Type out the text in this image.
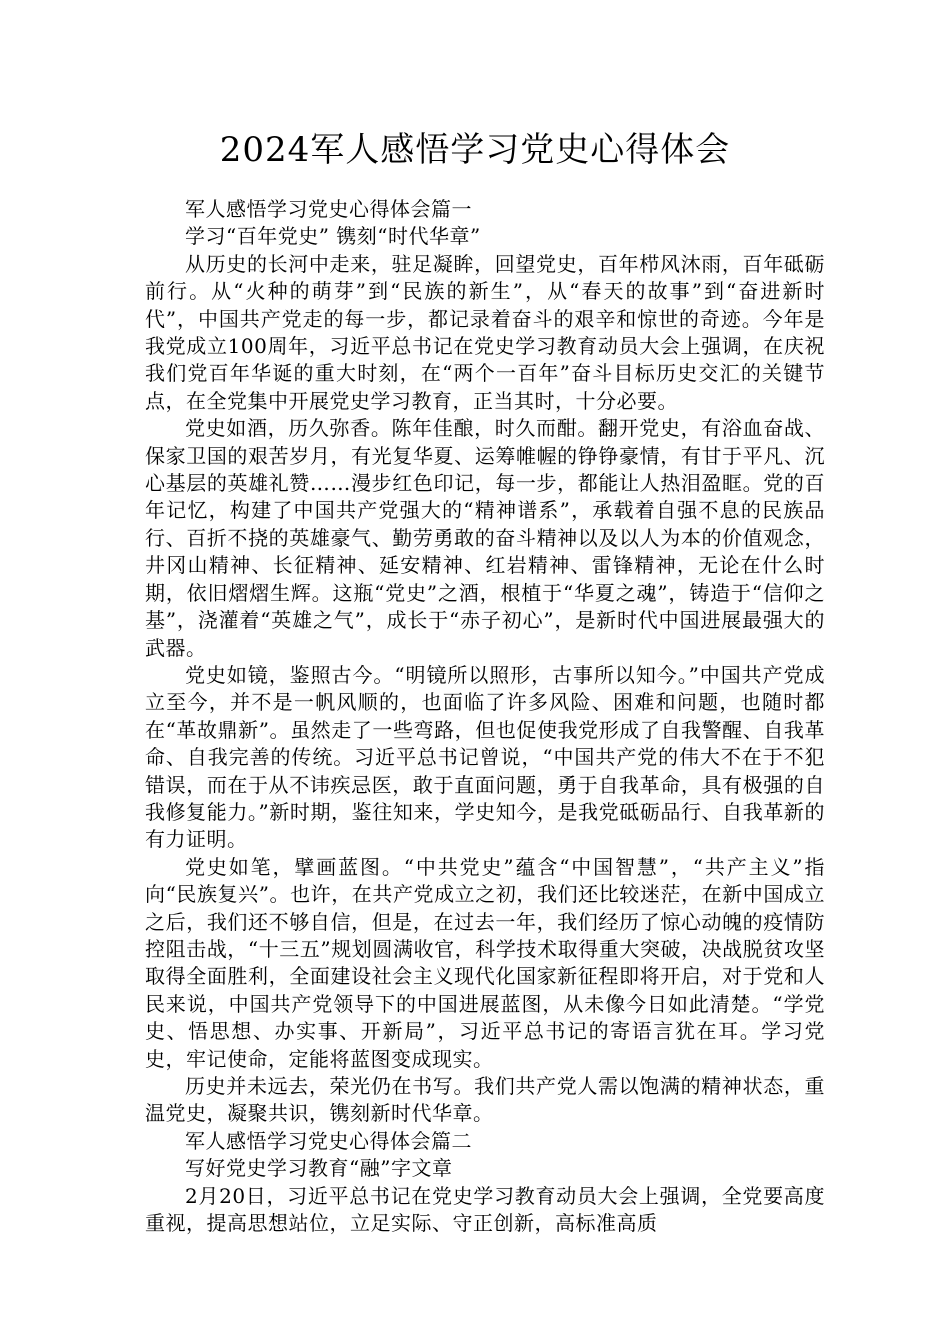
2024军人感悟学习党史心得体会

军人感悟学习党史心得体会篇一

学习“百年党史” 镌刻“时代华章”

从历史的长河中走来，驻足凝眸，回望党史，百年栉风沐雨，百年砥砺前行。从“火种的萌芽”到“民族的新生”，从“春天的故事”到“奋进新时代”，中国共产党走的每一步，都记录着奋斗的艰辛和惊世的奇迹。今年是我党成立100周年，习近平总书记在党史学习教育动员大会上强调，在庆祝我们党百年华诞的重大时刻，在“两个一百年”奋斗目标历史交汇的关键节点，在全党集中开展党史学习教育，正当其时，十分必要。

党史如酒，历久弥香。陈年佳酿，时久而酣。翻开党史，有浴血奋战、保家卫国的艰苦岁月，有光复华夏、运筹帷幄的铮铮豪情，有甘于平凡、沉心基层的英雄礼赞……漫步红色印记，每一步，都能让人热泪盈眶。党的百年记忆，构建了中国共产党强大的“精神谱系”，承载着自强不息的民族品行、百折不挠的英雄豪气、勤劳勇敢的奋斗精神以及以人为本的价值观念，井冈山精神、长征精神、延安精神、红岩精神、雷锋精神，无论在什么时期，依旧熠熠生辉。这瓶“党史”之酒，根植于“华夏之魂”，铸造于“信仰之基”，浇灌着“英雄之气”，成长于“赤子初心”，是新时代中国进展最强大的武器。

党史如镜，鉴照古今。“明镜所以照形，古事所以知今。”中国共产党成立至今，并不是一帆风顺的，也面临了许多风险、困难和问题，也随时都在“革故鼎新”。虽然走了一些弯路，但也促使我党形成了自我警醒、自我革命、自我完善的传统。习近平总书记曾说，“中国共产党的伟大不在于不犯错误，而在于从不讳疾忌医，敢于直面问题，勇于自我革命，具有极强的自我修复能力。”新时期，鉴往知来，学史知今，是我党砥砺品行、自我革新的有力证明。

党史如笔，擘画蓝图。“中共党史”蕴含“中国智慧”，“共产主义”指向“民族复兴”。也许，在共产党成立之初，我们还比较迷茫，在新中国成立之后，我们还不够自信，但是，在过去一年，我们经历了惊心动魄的疫情防控阻击战，“十三五”规划圆满收官，科学技术取得重大突破，决战脱贫攻坚取得全面胜利，全面建设社会主义现代化国家新征程即将开启，对于党和人民来说，中国共产党领导下的中国进展蓝图，从未像今日如此清楚。“学党史、悟思想、办实事、开新局”，习近平总书记的寄语言犹在耳。学习党史，牢记使命，定能将蓝图变成现实。

历史并未远去，荣光仍在书写。我们共产党人需以饱满的精神状态，重温党史，凝聚共识，镌刻新时代华章。

军人感悟学习党史心得体会篇二

写好党史学习教育“融”字文章

2月20日，习近平总书记在党史学习教育动员大会上强调，全党要高度重视，提高思想站位，立足实际、守正创新，高标准高质
